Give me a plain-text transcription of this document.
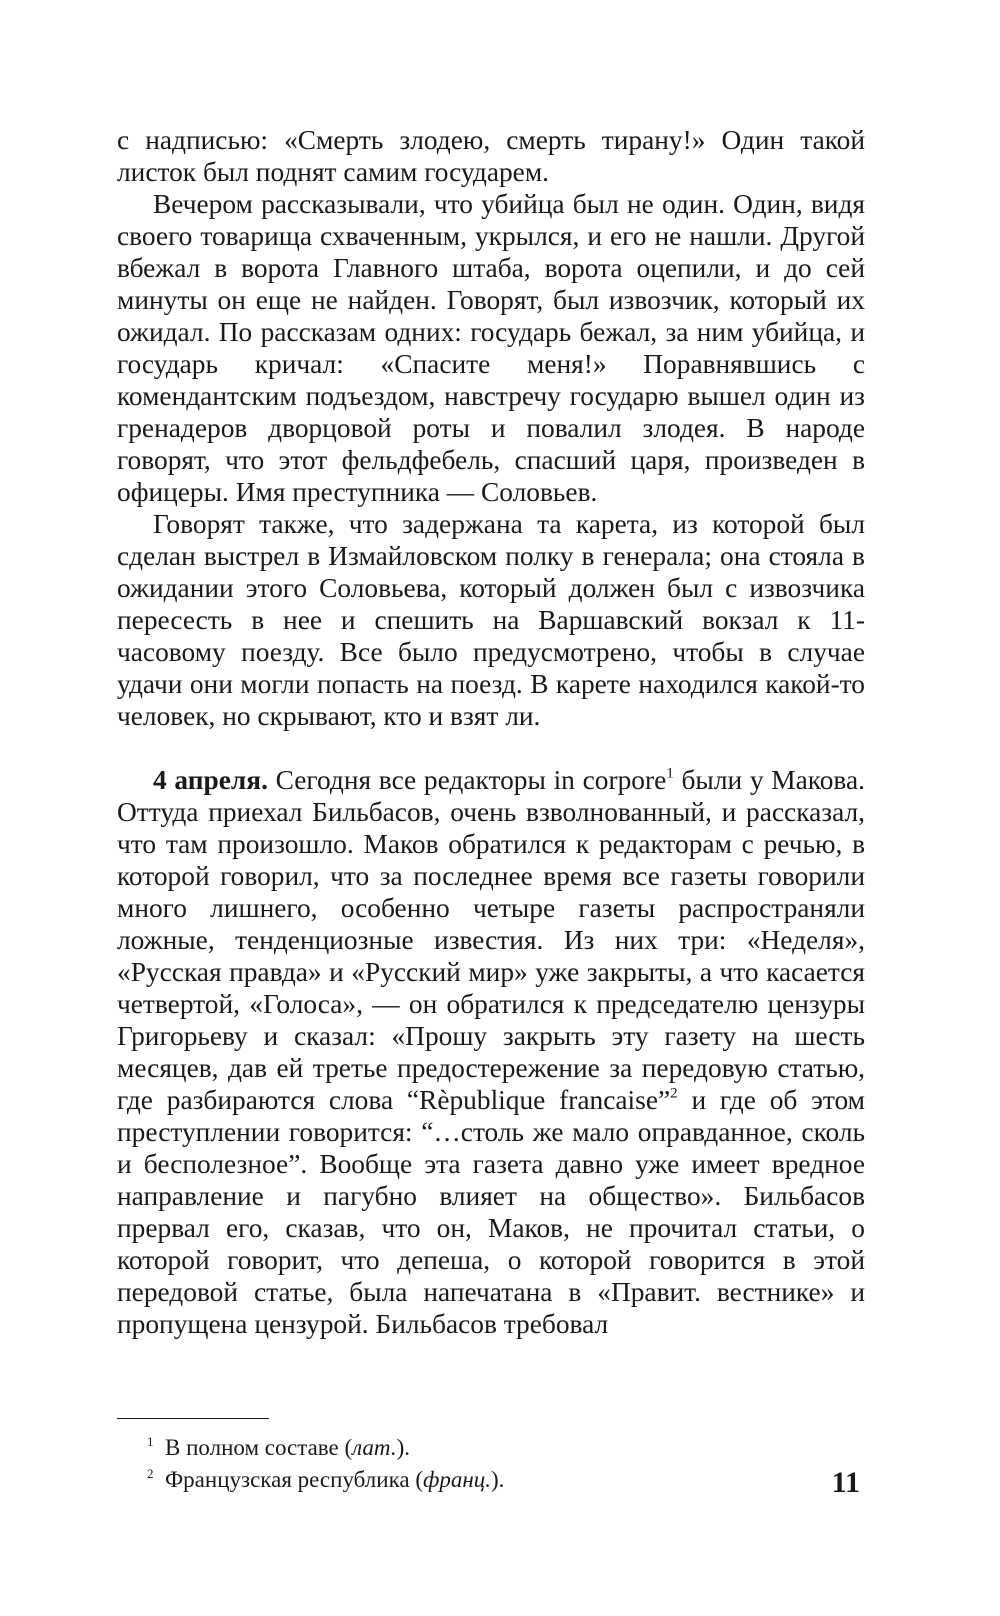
с надписью: «Смерть злодею, смерть тирану!» Один такой листок был поднят самим государем.

Вечером рассказывали, что убийца был не один. Один, видя своего товарища схваченным, укрылся, и его не нашли. Другой вбежал в ворота Главного штаба, ворота оцепили, и до сей минуты он еще не найден. Говорят, был извозчик, который их ожидал. По рассказам одних: государь бежал, за ним убийца, и государь кричал: «Спасите меня!» Поравнявшись с комендантским подъездом, навстречу государю вышел один из гренадеров дворцовой роты и повалил злодея. В народе говорят, что этот фельдфебель, спасший царя, произведен в офицеры. Имя преступника — Соловьев.

Говорят также, что задержана та карета, из которой был сделан выстрел в Измайловском полку в генерала; она стояла в ожидании этого Соловьева, который должен был с извозчика пересесть в нее и спешить на Варшавский вокзал к 11-часовому поезду. Все было предусмотрено, чтобы в случае удачи они могли попасть на поезд. В карете находился какой-то человек, но скрывают, кто и взят ли.

4 апреля. Сегодня все редакторы in corpore$^1$ были у Макова. Оттуда приехал Бильбасов, очень взволнованный, и рассказал, что там произошло. Маков обратился к редакторам с речью, в которой говорил, что за последнее время все газеты говорили много лишнего, особенно четыре газеты распространяли ложные, тенденциозные известия. Из них три: «Неделя», «Русская правда» и «Русский мир» уже закрыты, а что касается четвертой, «Голоса», — он обратился к председателю цензуры Григорьеву и сказал: «Прошу закрыть эту газету на шесть месяцев, дав ей третье предостережение за передовую статью, где разбираются слова “Rèpublique francaise”$^2$ и где об этом преступлении говорится: “…столь же мало оправданное, сколь и бесполезное”. Вообще эта газета давно уже имеет вредное направление и пагубно влияет на общество». Бильбасов прервал его, сказав, что он, Маков, не прочитал статьи, о которой говорит, что депеша, о которой говорится в этой передовой статье, была напечатана в «Правит. вестнике» и пропущена цензурой. Бильбасов требовал

1 В полном составе (лат.).
2 Французская республика (франц.).	11
